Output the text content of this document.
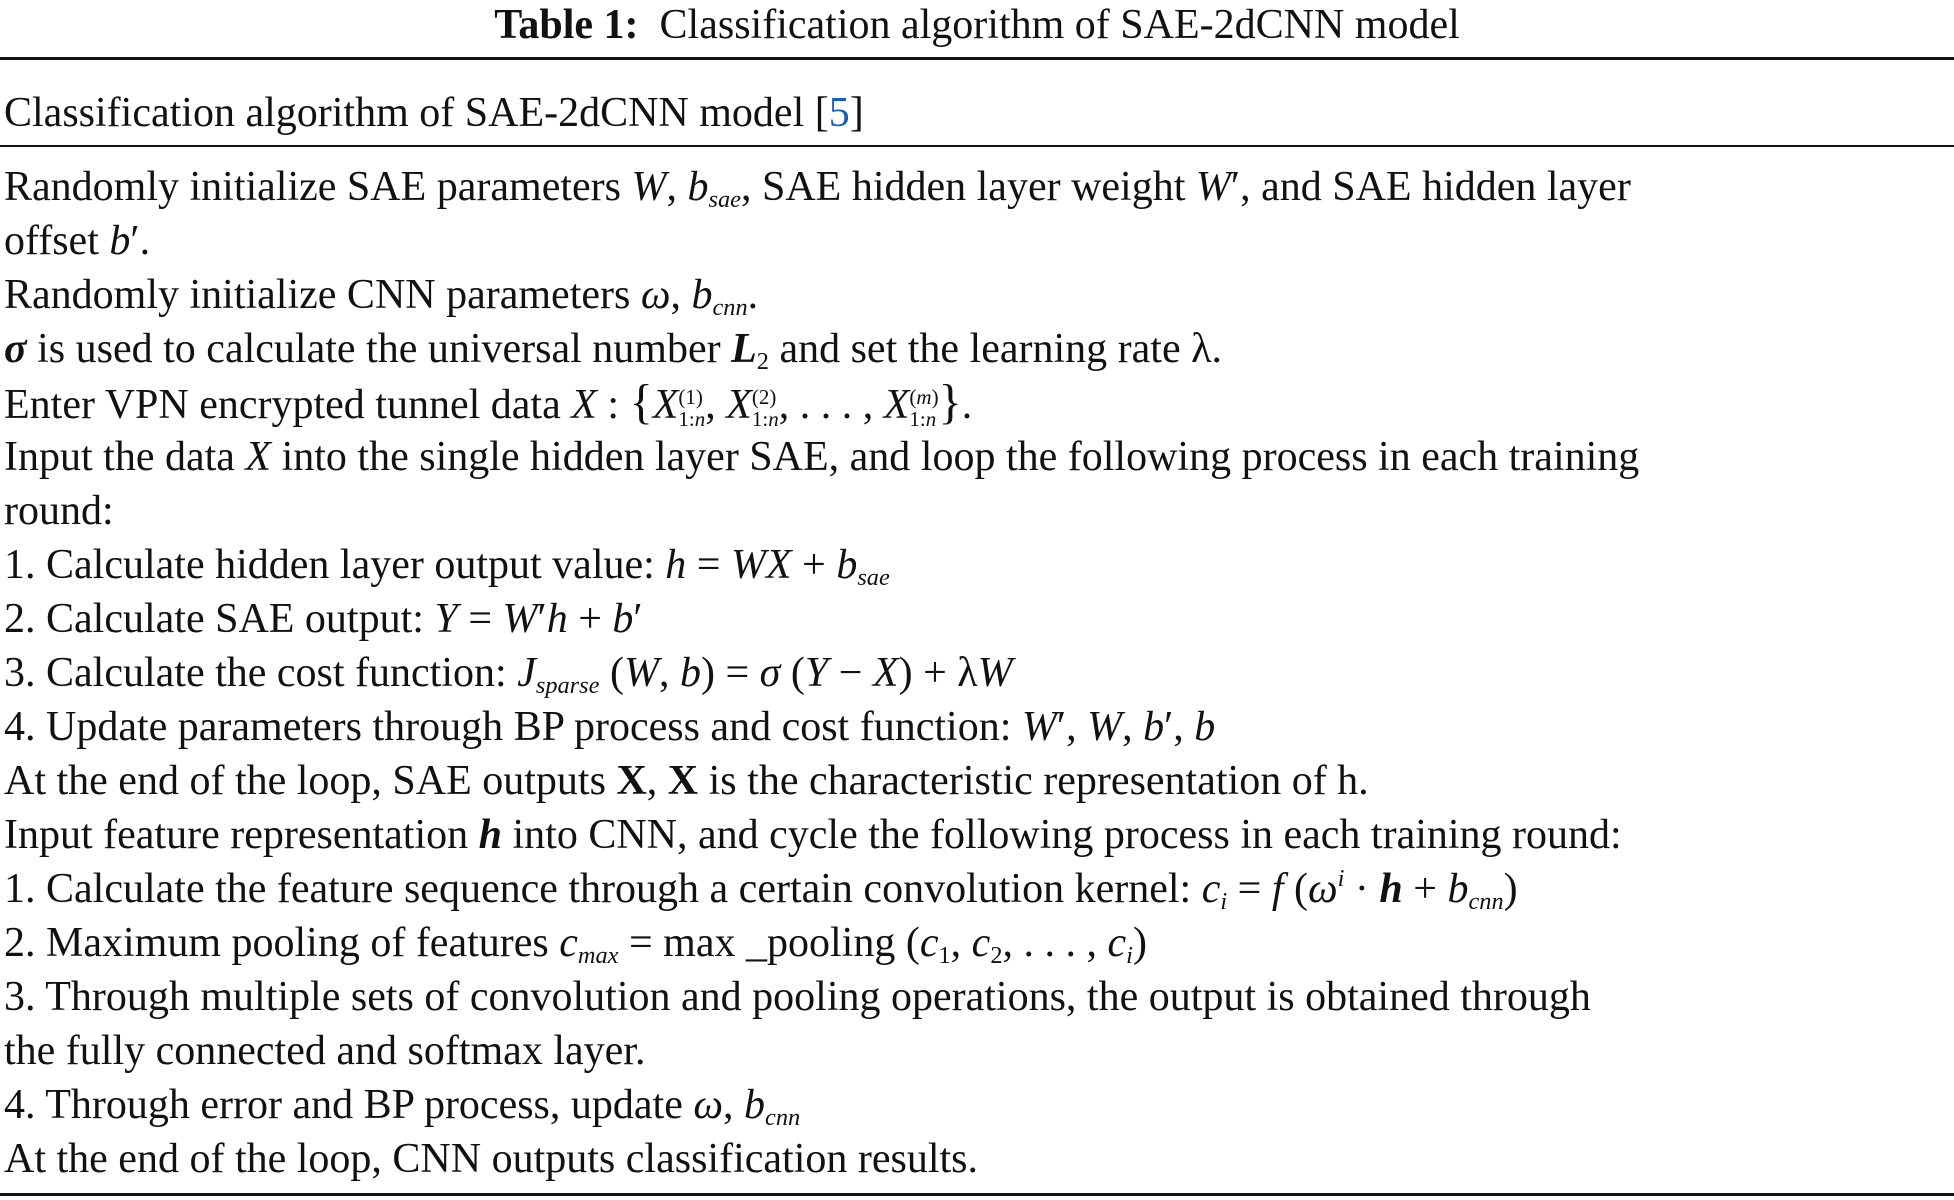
Table 1: Classification algorithm of SAE-2dCNN model
Classification algorithm of SAE-2dCNN model [5]
Randomly initialize SAE parameters W, $b_{sae}$, SAE hidden layer weight W′, and SAE hidden layer
offset b′.
Randomly initialize CNN parameters ω, $b_{cnn}$.
σ is used to calculate the universal number $L_2$ and set the learning rate λ.
Enter VPN encrypted tunnel data X : {X (1)
1:n , X (2)
1:n , . . . , X (m)
1:n }.
Input the data X into the single hidden layer SAE, and loop the following process in each training
round:
1. Calculate hidden layer output value: h = WX + $b_{sae}$
2. Calculate SAE output: Y = W′h + b′
3. Calculate the cost function: $J_{sparse}$ (W, b) = σ (Y − X) + λW
4. Update parameters through BP process and cost function: W′, W, b′, b
At the end of the loop, SAE outputs X, X is the characteristic representation of h.
Input feature representation h into CNN, and cycle the following process in each training round:
1. Calculate the feature sequence through a certain convolution kernel: $c_i = f$ $(\omega^i \cdot h + b_{cnn})$
2. Maximum pooling of features $c_{max} = \max$ _pooling ($c_1$, $c_2$, . . . , $c_i$)
3. Through multiple sets of convolution and pooling operations, the output is obtained through
the fully connected and softmax layer.
4. Through error and BP process, update ω, $b_{cnn}$
At the end of the loop, CNN outputs classification results.
